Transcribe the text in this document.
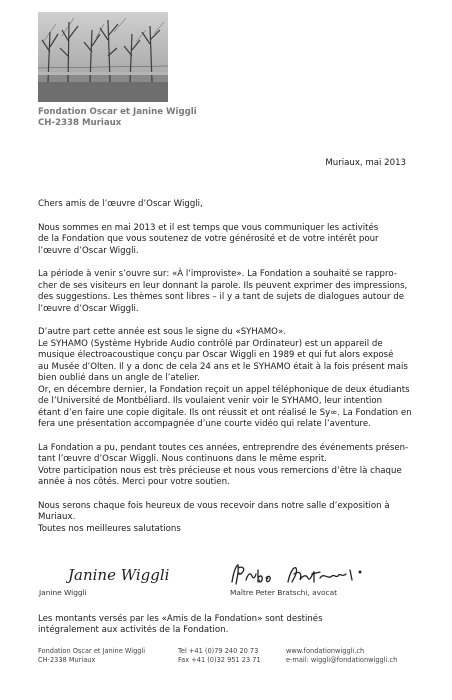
Fondation Oscar et Janine Wiggli
CH-2338 Muriaux
Muriaux, mai 2013

Chers amis de l’œuvre d’Oscar Wiggli,

Nous sommes en mai 2013 et il est temps que vous communiquer les activités
de la Fondation que vous soutenez de votre générosité et de votre intérêt pour
l’œuvre d’Oscar Wiggli.

La période à venir s’ouvre sur: «À l’improviste». La Fondation a souhaité se rappro-
cher de ses visiteurs en leur donnant la parole. Ils peuvent exprimer des impressions,
des suggestions. Les thèmes sont libres – il y a tant de sujets de dialogues autour de
l’œuvre d’Oscar Wiggli.

D’autre part cette année est sous le signe du «SYHAMO».
Le SYHAMO (Système Hybride Audio contrôlé par Ordinateur) est un appareil de
musique électroacoustique conçu par Oscar Wiggli en 1989 et qui fut alors exposé
au Musée d’Olten. Il y a donc de cela 24 ans et le SYHAMO était à la fois présent mais
bien oublié dans un angle de l’atelier.
Or, en décembre dernier, la Fondation reçoit un appel téléphonique de deux étudiants
de l’Université de Montbéliard. Ils voulaient venir voir le SYHAMO, leur intention
étant d’en faire une copie digitale. Ils ont réussit et ont réalisé le Sy∞. La Fondation en
fera une présentation accompagnée d’une courte vidéo qui relate l’aventure.

La Fondation a pu, pendant toutes ces années, entreprendre des événements présen-
tant l’œuvre d’Oscar Wiggli. Nous continuons dans le même esprit.
Votre participation nous est très précieuse et nous vous remercions d’être là chaque
année à nos côtés. Merci pour votre soutien.

Nous serons chaque fois heureux de vous recevoir dans notre salle d’exposition à
Muriaux.
Toutes nos meilleures salutations

Janine Wiggli
Janine Wiggli	Maître Peter Bratschi, avocat
Les montants versés par les «Amis de la Fondation» sont destinés
intégralement aux activités de la Fondation.
Fondation Oscar et Janine Wiggli
CH-2338 Muriaux
Tel +41 (0)79 240 20 73
Fax +41 (0)32 951 23 71
www.fondationwiggli.ch
e-mail: wiggli@fondationwiggli.ch
